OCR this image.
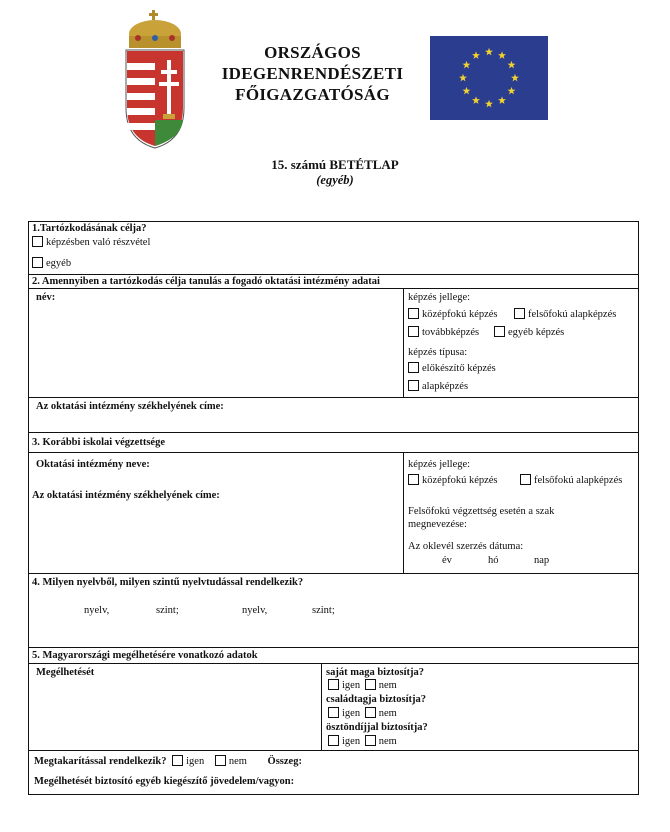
ORSZÁGOS
IDEGENRENDÉSZETI
FŐIGAZGATÓSÁG
15. számú BETÉTLAP
(egyéb)
1.Tartózkodásának célja?
képzésben való részvétel
egyéb
2. Amennyiben a tartózkodás célja tanulás a fogadó oktatási intézmény adatai
név:	képzés jellege:
középfokú képzés	felsőfokú alapképzés
továbbképzés	egyéb képzés
képzés típusa:
előkészítő képzés
alapképzés
Az oktatási intézmény székhelyének címe:
3. Korábbi iskolai végzettsége
Oktatási intézmény neve:
Az oktatási intézmény székhelyének címe:
képzés jellege:
középfokú képzés	felsőfokú alapképzés
Felsőfokú végzettség esetén a szak
megnevezése:
Az oklevél szerzés dátuma:
év	hó	nap
4. Milyen nyelvből, milyen szintű nyelvtudással rendelkezik?
nyelv,	szint;	nyelv,	szint;
5. Magyarországi megélhetésére vonatkozó adatok
Megélhetését	saját maga biztosítja?
igen nem
családtagja biztosítja?
igen nem
ösztöndíjjal biztosítja?
igen nem
Megtakarítással rendelkezik? igen nem Összeg:
Megélhetését biztosító egyéb kiegészítő jövedelem/vagyon:
